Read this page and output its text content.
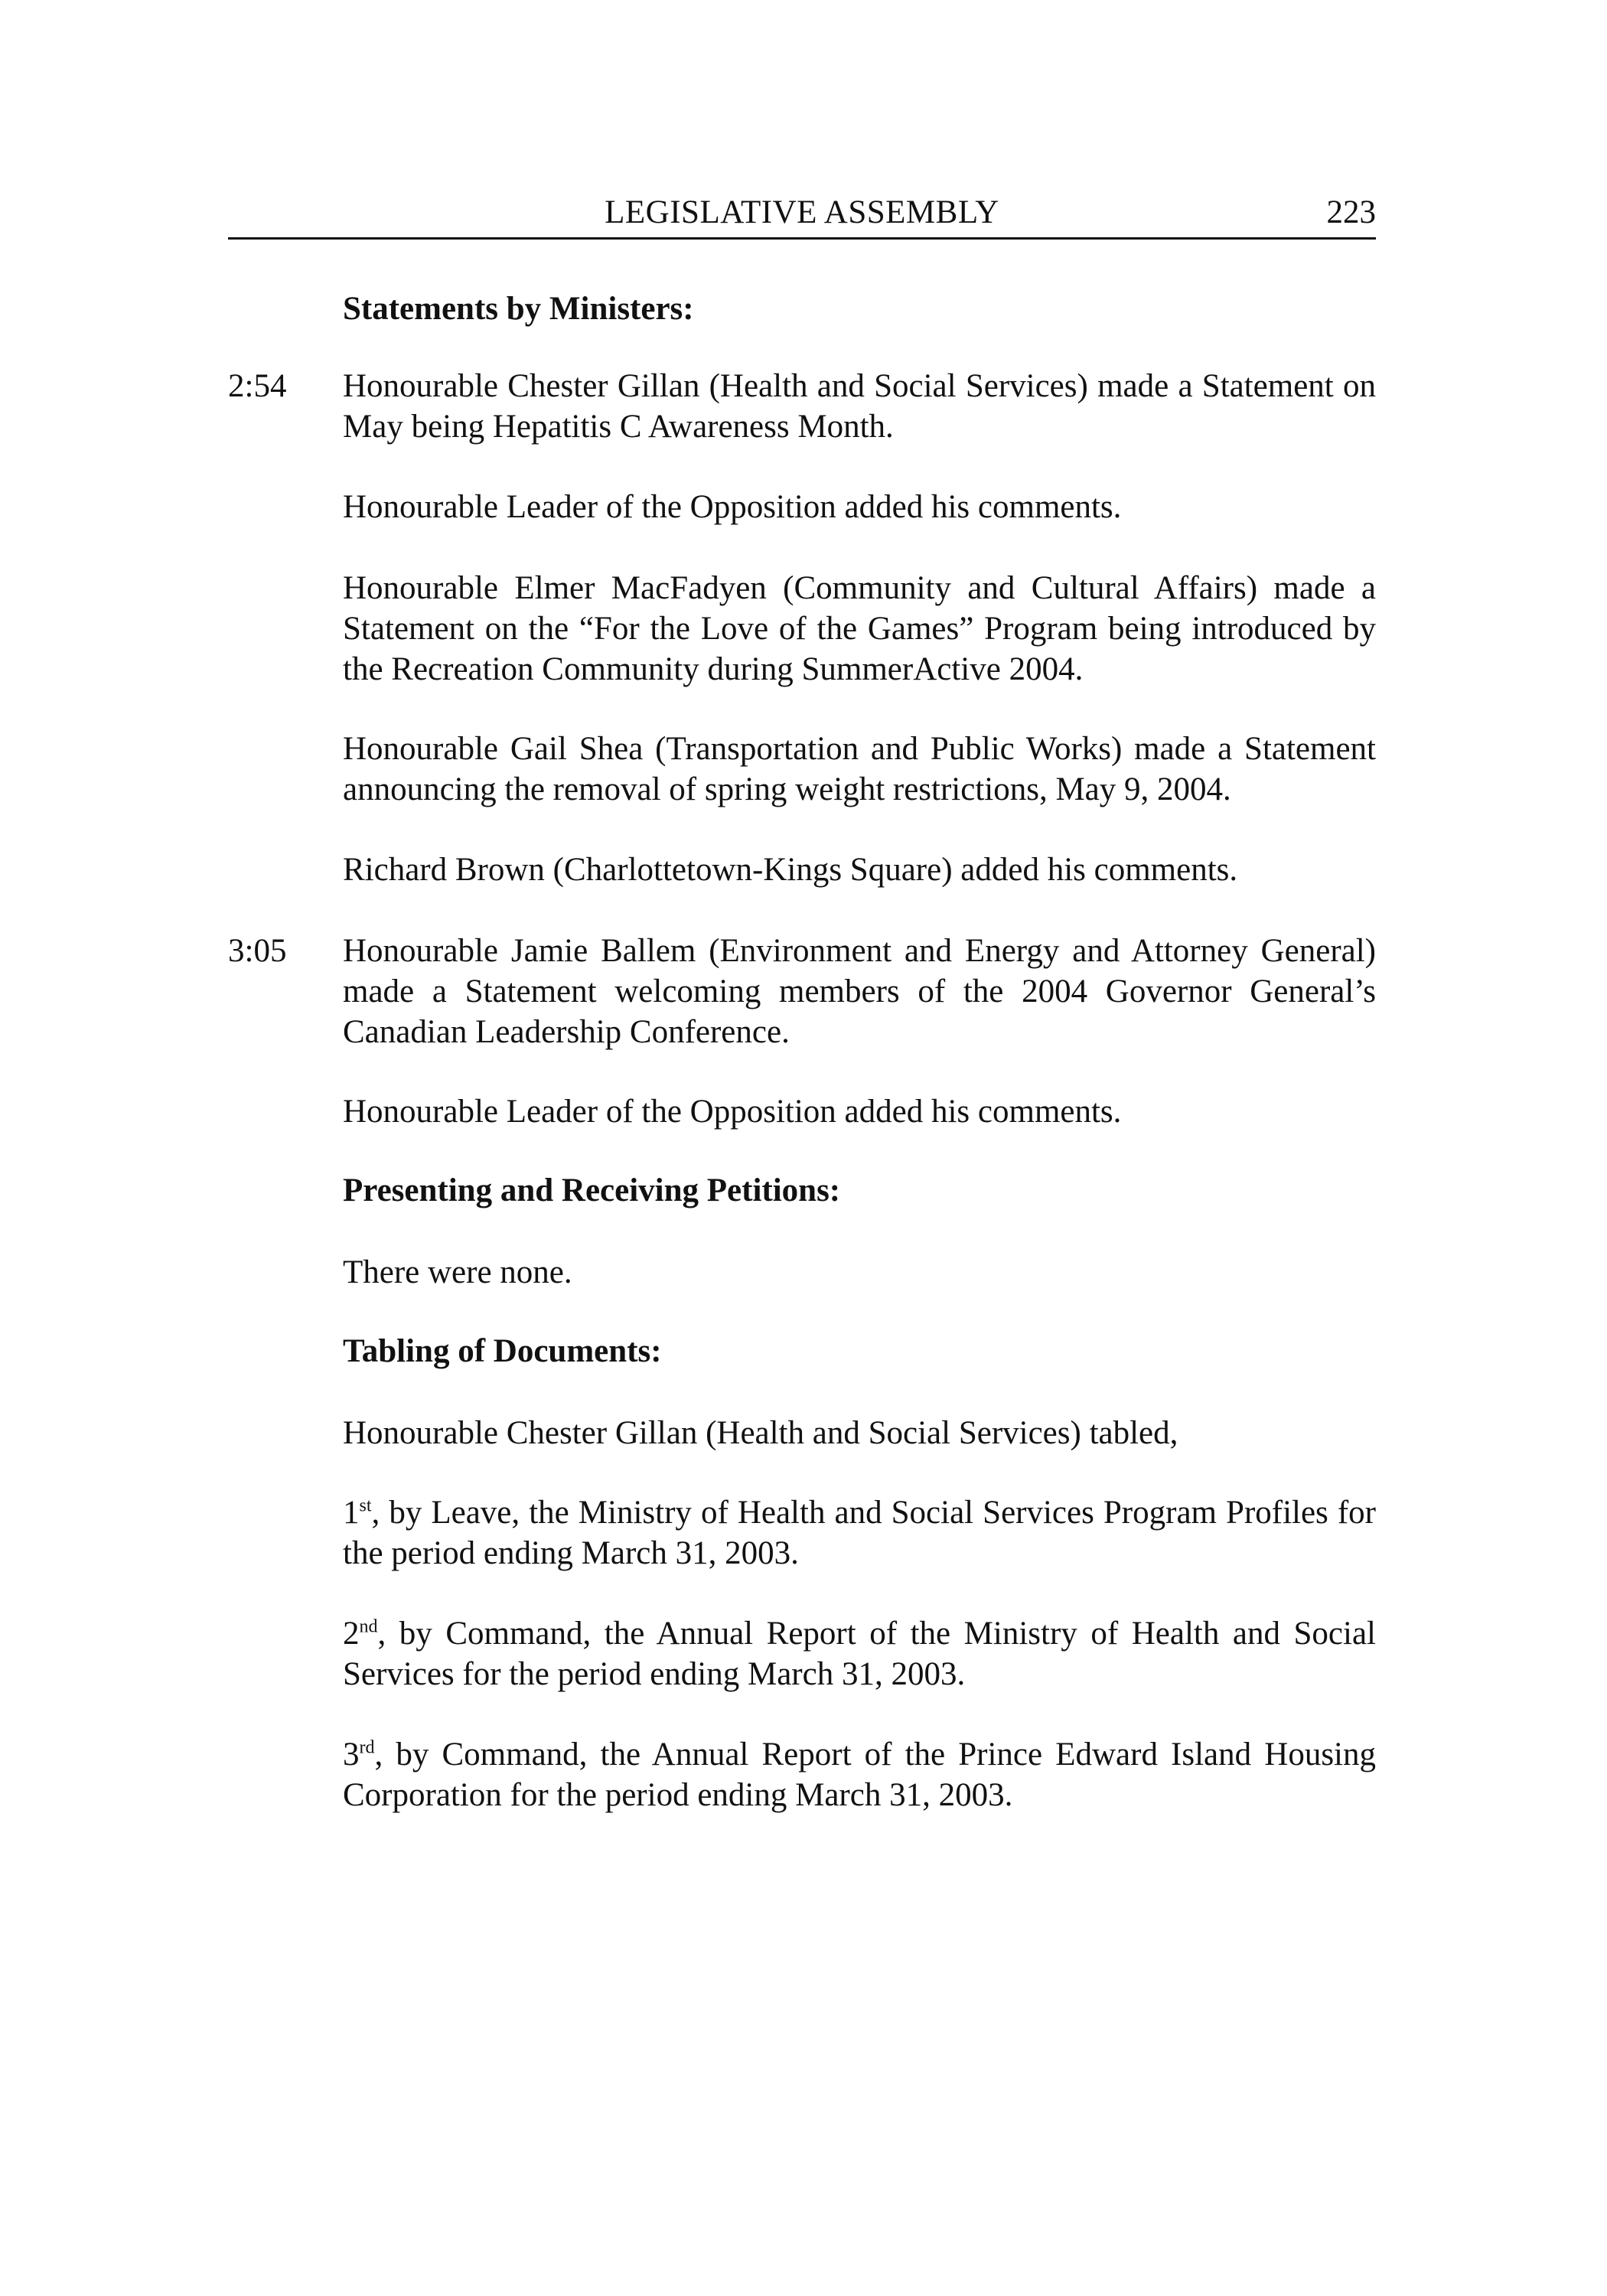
LEGISLATIVE ASSEMBLY	223
Statements by Ministers:
2:54 Honourable Chester Gillan (Health and Social Services) made a Statement on May being Hepatitis C Awareness Month.

Honourable Leader of the Opposition added his comments.

Honourable Elmer MacFadyen (Community and Cultural Affairs) made a Statement on the “For the Love of the Games” Program being introduced by the Recreation Community during SummerActive 2004.

Honourable Gail Shea (Transportation and Public Works) made a Statement announcing the removal of spring weight restrictions, May 9, 2004.

Richard Brown (Charlottetown-Kings Square) added his comments.

3:05 Honourable Jamie Ballem (Environment and Energy and Attorney General) made a Statement welcoming members of the 2004 Governor General’s Canadian Leadership Conference.

Honourable Leader of the Opposition added his comments.

Presenting and Receiving Petitions:

There were none.

Tabling of Documents:

Honourable Chester Gillan (Health and Social Services) tabled,

1st, by Leave, the Ministry of Health and Social Services Program Profiles for the period ending March 31, 2003.

2nd, by Command, the Annual Report of the Ministry of Health and Social Services for the period ending March 31, 2003.

3rd, by Command, the Annual Report of the Prince Edward Island Housing Corporation for the period ending March 31, 2003.
